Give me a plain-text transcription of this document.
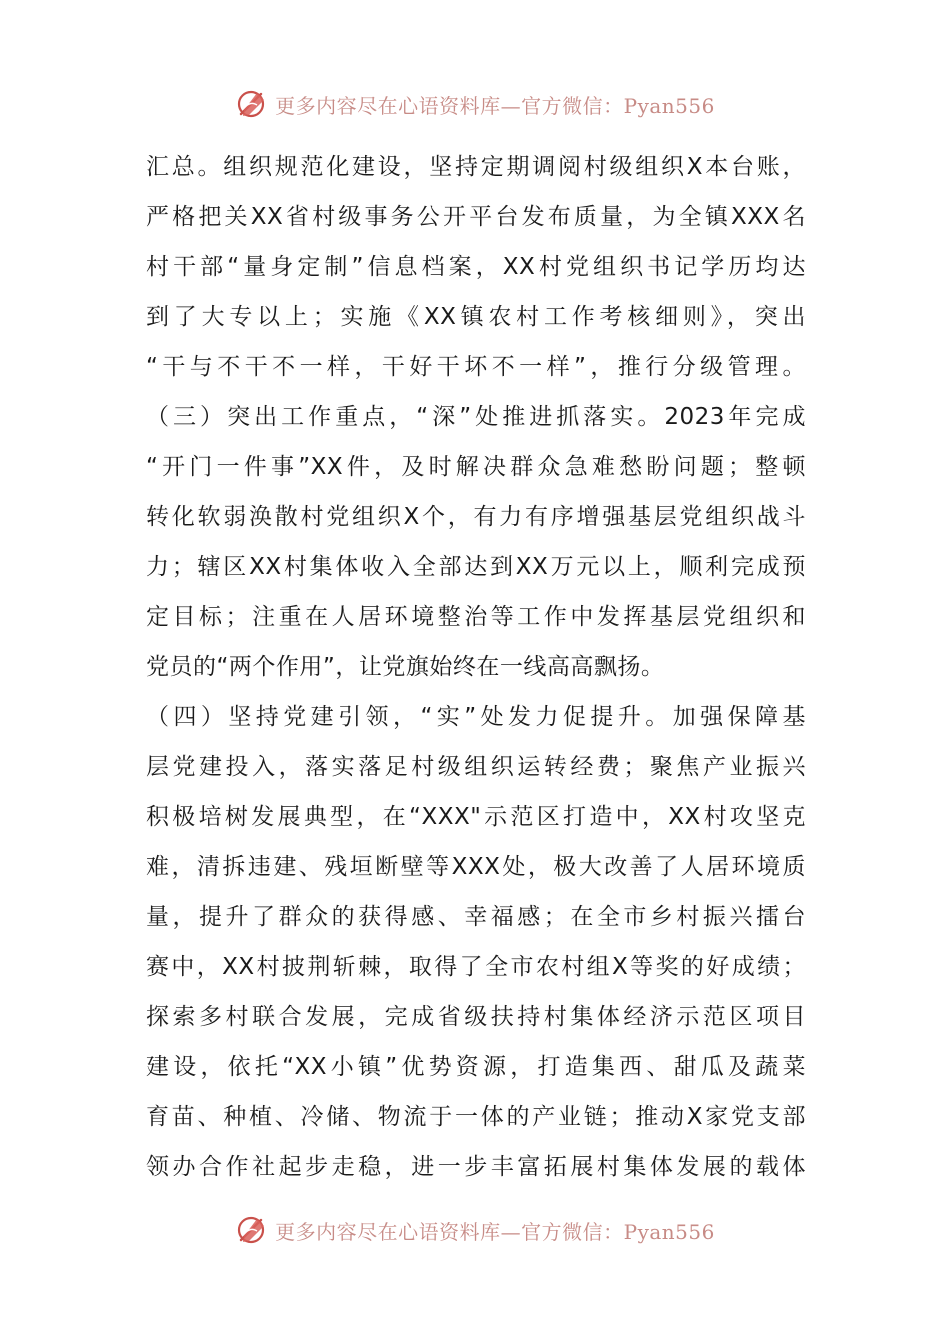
更多内容尽在心语资料库—官方微信：Pyan556
汇总。组织规范化建设，坚持定期调阅村级组织X本台账，
严格把关XX省村级事务公开平台发布质量，为全镇XXX名
村干部“量身定制”信息档案，XX村党组织书记学历均达
到了大专以上；实施《XX镇农村工作考核细则》，突出
“干与不干不一样，干好干坏不一样”，推行分级管理。
（三）突出工作重点，“深”处推进抓落实。2023年完成
“开门一件事”XX件，及时解决群众急难愁盼问题；整顿
转化软弱涣散村党组织X个，有力有序增强基层党组织战斗
力；辖区XX村集体收入全部达到XX万元以上，顺利完成预
定目标；注重在人居环境整治等工作中发挥基层党组织和
党员的“两个作用”，让党旗始终在一线高高飘扬。
（四）坚持党建引领，“实”处发力促提升。加强保障基
层党建投入，落实落足村级组织运转经费；聚焦产业振兴
积极培树发展典型，在“XXX"示范区打造中，XX村攻坚克
难，清拆违建、残垣断壁等XXX处，极大改善了人居环境质
量，提升了群众的获得感、幸福感；在全市乡村振兴擂台
赛中，XX村披荆斩棘，取得了全市农村组X等奖的好成绩；
探索多村联合发展，完成省级扶持村集体经济示范区项目
建设，依托“XX小镇”优势资源，打造集西、甜瓜及蔬菜
育苗、种植、冷储、物流于一体的产业链；推动X家党支部
领办合作社起步走稳，进一步丰富拓展村集体发展的载体
更多内容尽在心语资料库—官方微信：Pyan556
